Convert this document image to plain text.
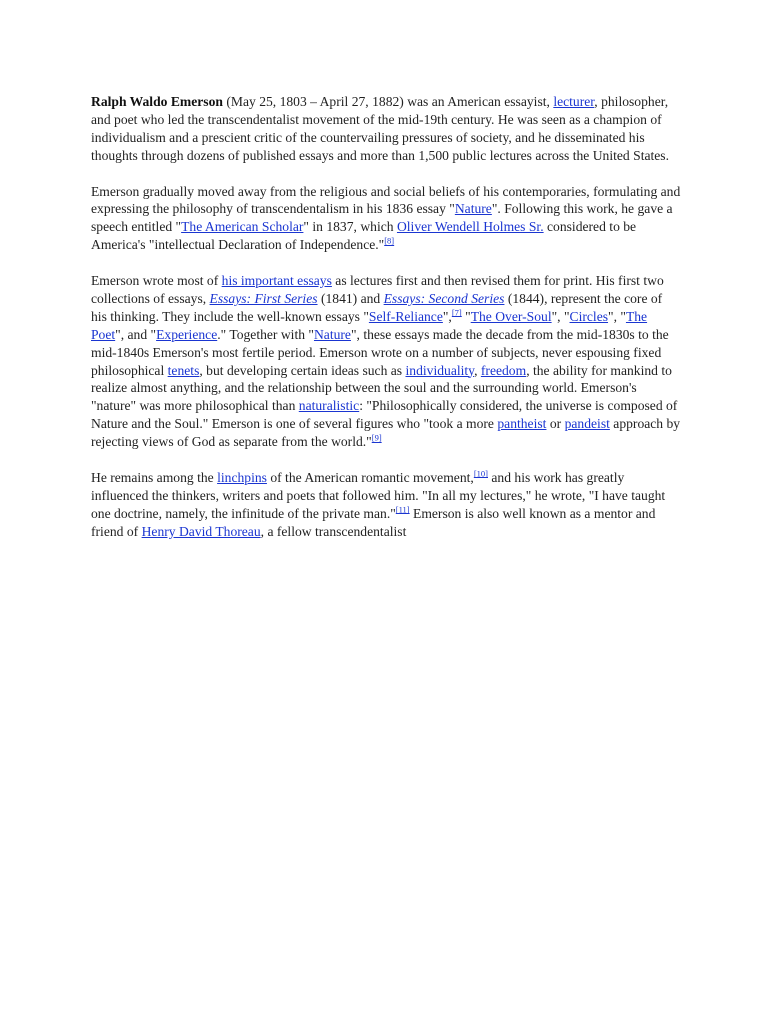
Ralph Waldo Emerson (May 25, 1803 – April 27, 1882) was an American essayist, lecturer, philosopher, and poet who led the transcendentalist movement of the mid-19th century. He was seen as a champion of individualism and a prescient critic of the countervailing pressures of society, and he disseminated his thoughts through dozens of published essays and more than 1,500 public lectures across the United States.

Emerson gradually moved away from the religious and social beliefs of his contemporaries, formulating and expressing the philosophy of transcendentalism in his 1836 essay "Nature". Following this work, he gave a speech entitled "The American Scholar" in 1837, which Oliver Wendell Holmes Sr. considered to be America's "intellectual Declaration of Independence."[8]

Emerson wrote most of his important essays as lectures first and then revised them for print. His first two collections of essays, Essays: First Series (1841) and Essays: Second Series (1844), represent the core of his thinking. They include the well-known essays "Self-Reliance",[7] "The Over-Soul", "Circles", "The Poet", and "Experience." Together with "Nature", these essays made the decade from the mid-1830s to the mid-1840s Emerson's most fertile period. Emerson wrote on a number of subjects, never espousing fixed philosophical tenets, but developing certain ideas such as individuality, freedom, the ability for mankind to realize almost anything, and the relationship between the soul and the surrounding world. Emerson's "nature" was more philosophical than naturalistic: "Philosophically considered, the universe is composed of Nature and the Soul." Emerson is one of several figures who "took a more pantheist or pandeist approach by rejecting views of God as separate from the world."[9]

He remains among the linchpins of the American romantic movement,[10] and his work has greatly influenced the thinkers, writers and poets that followed him. "In all my lectures," he wrote, "I have taught one doctrine, namely, the infinitude of the private man."[11] Emerson is also well known as a mentor and friend of Henry David Thoreau, a fellow transcendentalist
